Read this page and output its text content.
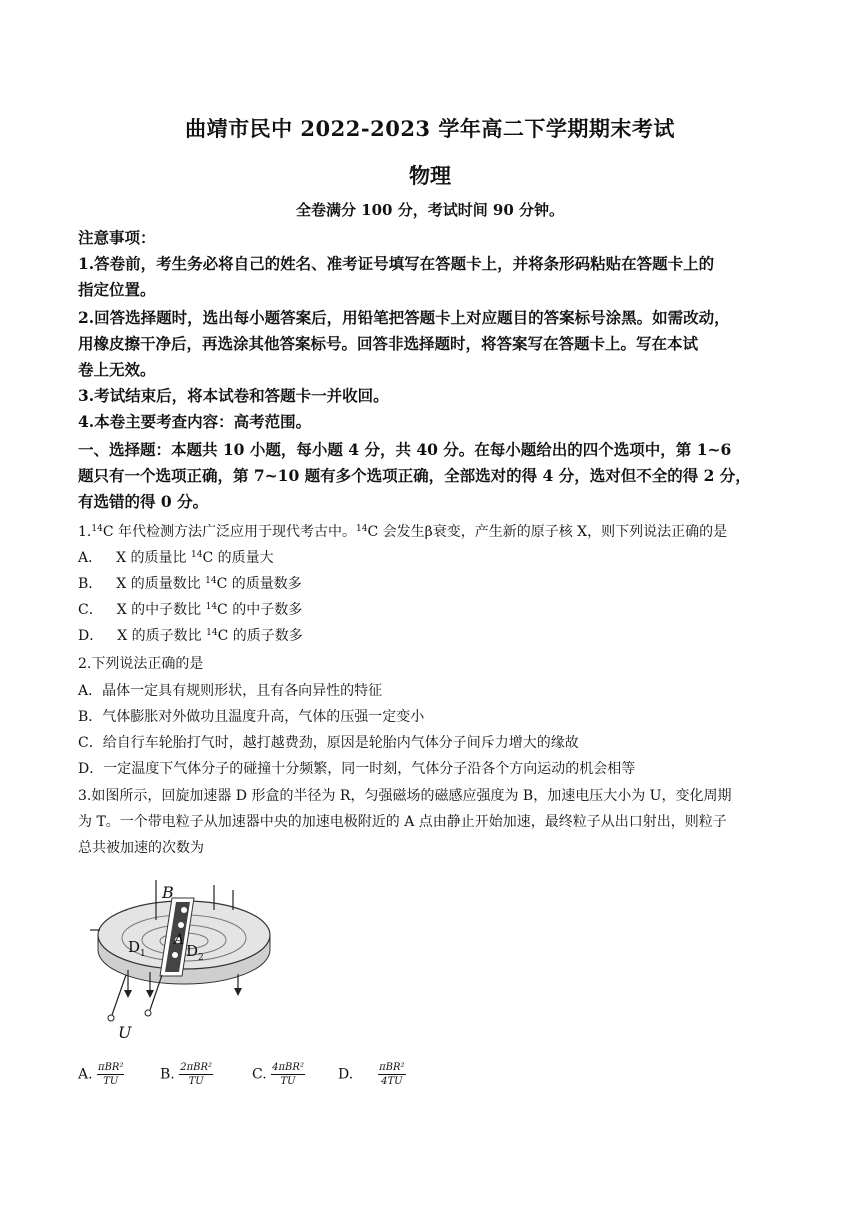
曲靖市民中 2022-2023 学年高二下学期期末考试
物理
全卷满分 100 分，考试时间 90 分钟。
注意事项：
1.答卷前，考生务必将自己的姓名、准考证号填写在答题卡上，并将条形码粘贴在答题卡上的
指定位置。
2.回答选择题时，选出每小题答案后，用铅笔把答题卡上对应题目的答案标号涂黑。如需改动，
用橡皮擦干净后，再选涂其他答案标号。回答非选择题时，将答案写在答题卡上。写在本试
卷上无效。
3.考试结束后，将本试卷和答题卡一并收回。
4.本卷主要考查内容：高考范围。
一、选择题：本题共 10 小题，每小题 4 分，共 40 分。在每小题给出的四个选项中，第 1~6
题只有一个选项正确，第 7~10 题有多个选项正确，全部选对的得 4 分，选对但不全的得 2 分，
有选错的得 0 分。
1.14C 年代检测方法广泛应用于现代考古中。$^{14}$C 会发生β衰变，产生新的原子核 X，则下列说法正确的是
A． X 的质量比 $^{14}$C 的质量大
B． X 的质量数比 $^{14}$C 的质量数多
C． X 的中子数比 $^{14}$C 的中子数多
D． X 的质子数比 $^{14}$C 的质子数多
2.下列说法正确的是
A．晶体一定具有规则形状，且有各向异性的特征
B．气体膨胀对外做功且温度升高，气体的压强一定变小
C．给自行车轮胎打气时，越打越费劲，原因是轮胎内气体分子间斥力增大的缘故
D．一定温度下气体分子的碰撞十分频繁，同一时刻，气体分子沿各个方向运动的机会相等
3.如图所示，回旋加速器 D 形盒的半径为 R，匀强磁场的磁感应强度为 B，加速电压大小为 U，变化周期
为 T。一个带电粒子从加速器中央的加速电极附近的 A 点由静止开始加速，最终粒子从出口射出，则粒子
总共被加速的次数为
B
A
D 1	D 2
U
A. $\frac{\text{πBR²}}{TU}$	B. $\frac{\text{2πBR²}}{TU}$	C. $\frac{\text{4πBR²}}{TU} D$. $\frac{\text{πBR²}}{4TU}$
